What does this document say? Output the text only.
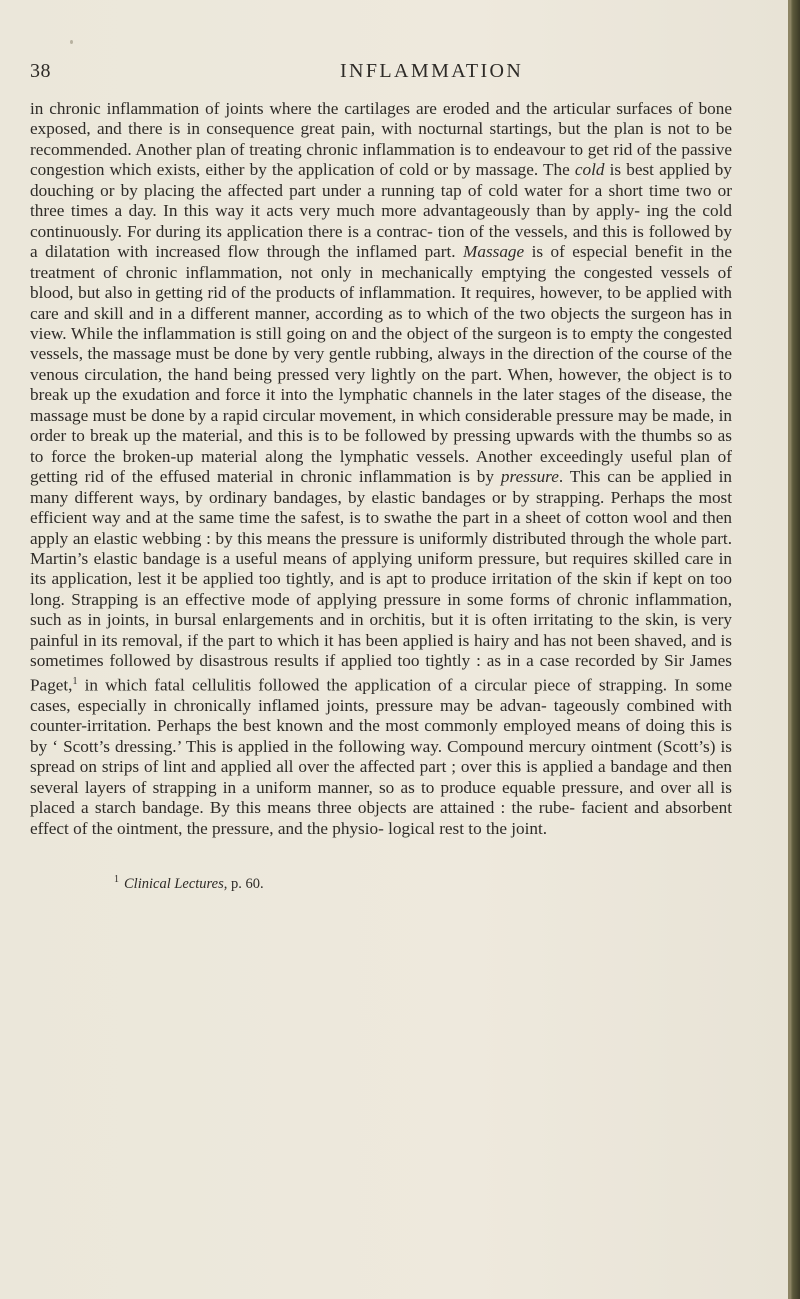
38	INFLAMMATION

in chronic inflammation of joints where the cartilages are eroded and the articular surfaces of bone exposed, and there is in consequence great pain, with nocturnal startings, but the plan is not to be recommended. Another plan of treating chronic inflammation is to endeavour to get rid of the passive congestion which exists, either by the application of cold or by massage. The cold is best applied by douching or by placing the affected part under a running tap of cold water for a short time two or three times a day. In this way it acts very much more advantageously than by apply- ing the cold continuously. For during its application there is a contrac- tion of the vessels, and this is followed by a dilatation with increased flow through the inflamed part. Massage is of especial benefit in the treatment of chronic inflammation, not only in mechanically emptying the congested vessels of blood, but also in getting rid of the products of inflammation. It requires, however, to be applied with care and skill and in a different manner, according as to which of the two objects the surgeon has in view. While the inflammation is still going on and the object of the surgeon is to empty the congested vessels, the massage must be done by very gentle rubbing, always in the direction of the course of the venous circulation, the hand being pressed very lightly on the part. When, however, the object is to break up the exudation and force it into the lymphatic channels in the later stages of the disease, the massage must be done by a rapid circular movement, in which considerable pressure may be made, in order to break up the material, and this is to be followed by pressing upwards with the thumbs so as to force the broken-up material along the lymphatic vessels. Another exceedingly useful plan of getting rid of the effused material in chronic inflammation is by pressure. This can be applied in many different ways, by ordinary bandages, by elastic bandages or by strapping. Perhaps the most efficient way and at the same time the safest, is to swathe the part in a sheet of cotton wool and then apply an elastic webbing : by this means the pressure is uniformly distributed through the whole part. Martin’s elastic bandage is a useful means of applying uniform pressure, but requires skilled care in its application, lest it be applied too tightly, and is apt to produce irritation of the skin if kept on too long. Strapping is an effective mode of applying pressure in some forms of chronic inflammation, such as in joints, in bursal enlargements and in orchitis, but it is often irritating to the skin, is very painful in its removal, if the part to which it has been applied is hairy and has not been shaved, and is sometimes followed by disastrous results if applied too tightly : as in a case recorded by Sir James Paget,$^1$ in which fatal cellulitis followed the application of a circular piece of strapping. In some cases, especially in chronically inflamed joints, pressure may be advan- tageously combined with counter-irritation. Perhaps the best known and the most commonly employed means of doing this is by ‘ Scott’s dressing.’ This is applied in the following way. Compound mercury ointment (Scott’s) is spread on strips of lint and applied all over the affected part ; over this is applied a bandage and then several layers of strapping in a uniform manner, so as to produce equable pressure, and over all is placed a starch bandage. By this means three objects are attained : the rube- facient and absorbent effect of the ointment, the pressure, and the physio- logical rest to the joint.

$^1$ Clinical Lectures, p. 60.
